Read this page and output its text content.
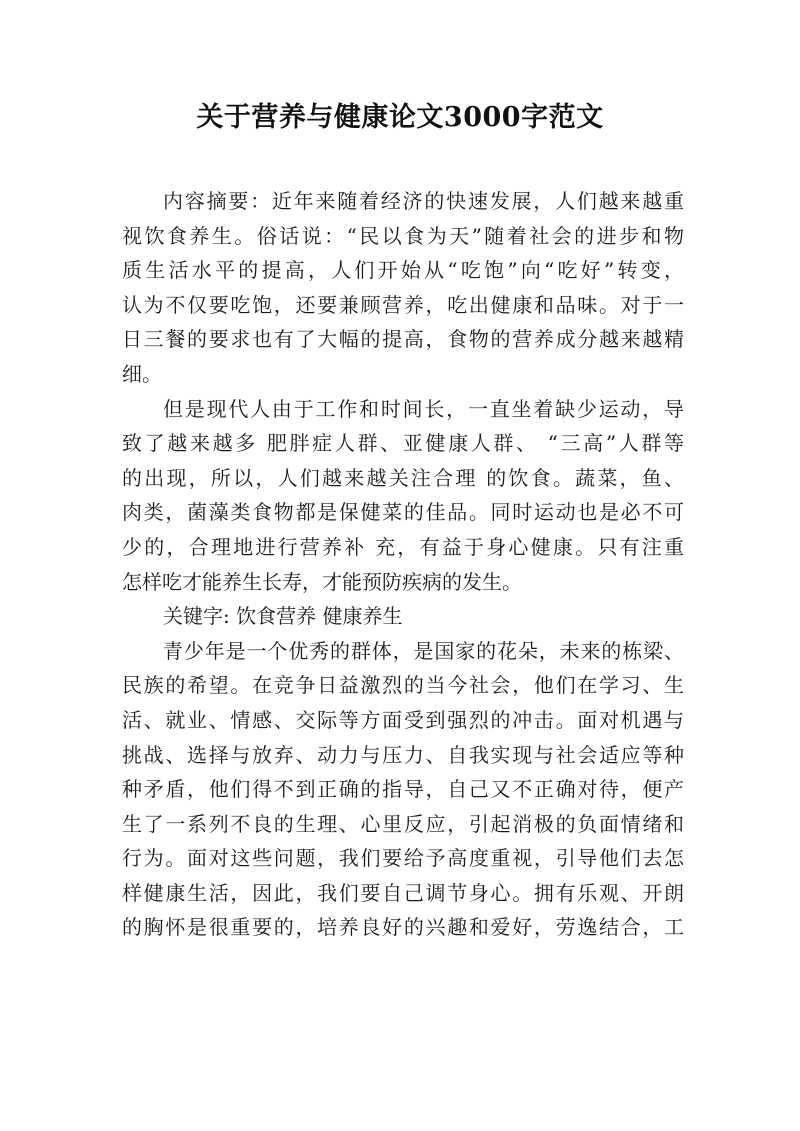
关于营养与健康论文3000字范文
内容摘要：近年来随着经济的快速发展，人们越来越重
视饮食养生。俗话说：“民以食为天”随着社会的进步和物
质生活水平的提高，人们开始从“吃饱”向“吃好”转变，
认为不仅要吃饱，还要兼顾营养，吃出健康和品味。对于一
日三餐的要求也有了大幅的提高，食物的营养成分越来越精
细。
但是现代人由于工作和时间长，一直坐着缺少运动，导
致了越来越多 肥胖症人群、亚健康人群、 “三高”人群等
的出现，所以，人们越来越关注合理 的饮食。蔬菜，鱼、
肉类，菌藻类食物都是保健菜的佳品。同时运动也是必不可
少的，合理地进行营养补 充，有益于身心健康。只有注重
怎样吃才能养生长寿，才能预防疾病的发生。
关键字: 饮食营养 健康养生
青少年是一个优秀的群体，是国家的花朵，未来的栋梁、
民族的希望。在竞争日益激烈的当今社会，他们在学习、生
活、就业、情感、交际等方面受到强烈的冲击。面对机遇与
挑战、选择与放弃、动力与压力、自我实现与社会适应等种
种矛盾，他们得不到正确的指导，自己又不正确对待，便产
生了一系列不良的生理、心里反应，引起消极的负面情绪和
行为。面对这些问题，我们要给予高度重视，引导他们去怎
样健康生活，因此，我们要自己调节身心。拥有乐观、开朗
的胸怀是很重要的，培养良好的兴趣和爱好，劳逸结合，工
